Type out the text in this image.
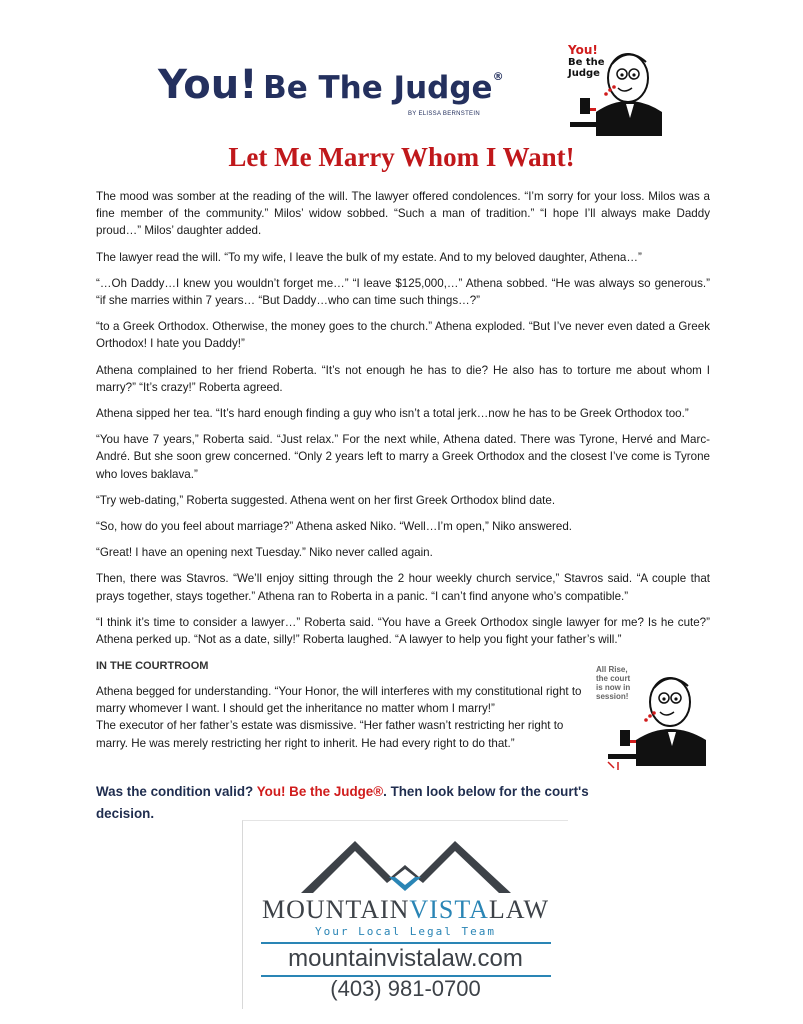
You! Be The Judge®
BY ELISSA BERNSTEIN
You!
Be the
Judge
Let Me Marry Whom I Want!

The mood was somber at the reading of the will. The lawyer offered condolences. “I’m sorry for your loss. Milos was a fine member of the community.” Milos’ widow sobbed. “Such a man of tradition.” “I hope I’ll always make Daddy proud…” Milos’ daughter added.

The lawyer read the will. “To my wife, I leave the bulk of my estate. And to my beloved daughter, Athena…”

“…Oh Daddy…I knew you wouldn’t forget me…” “I leave $125,000,…” Athena sobbed. “He was always so generous.” “if she marries within 7 years… “But Daddy…who can time such things…?”

“to a Greek Orthodox. Otherwise, the money goes to the church.” Athena exploded. “But I’ve never even dated a Greek Orthodox! I hate you Daddy!”

Athena complained to her friend Roberta. “It’s not enough he has to die? He also has to torture me about whom I marry?” “It’s crazy!” Roberta agreed.

Athena sipped her tea. “It’s hard enough finding a guy who isn’t a total jerk…now he has to be Greek Orthodox too.”

“You have 7 years,” Roberta said. “Just relax.” For the next while, Athena dated. There was Tyrone, Hervé and Marc-André. But she soon grew concerned. “Only 2 years left to marry a Greek Orthodox and the closest I’ve come is Tyrone who loves baklava.”

“Try web-dating,” Roberta suggested. Athena went on her first Greek Orthodox blind date.

“So, how do you feel about marriage?” Athena asked Niko. “Well…I’m open,” Niko answered.

“Great! I have an opening next Tuesday.” Niko never called again.

Then, there was Stavros. “We’ll enjoy sitting through the 2 hour weekly church service,” Stavros said. “A couple that prays together, stays together.” Athena ran to Roberta in a panic. “I can’t find anyone who’s compatible.”

“I think it’s time to consider a lawyer…” Roberta said. “You have a Greek Orthodox single lawyer for me? Is he cute?” Athena perked up. “Not as a date, silly!” Roberta laughed. “A lawyer to help you fight your father’s will.”

IN THE COURTROOM

Athena begged for understanding. “Your Honor, the will interferes with my constitutional right to marry whomever I want. I should get the inheritance no matter whom I marry!”

The executor of her father’s estate was dismissive. “Her father wasn’t restricting her right to marry. He was merely restricting her right to inherit. He had every right to do that.”

All Rise,
the court
is now in
session!
Was the condition valid? You! Be the Judge®. Then look below for the court's decision.
MOUNTAINVISTALAW
Your Local Legal Team
mountainvistalaw.com
(403) 981-0700
